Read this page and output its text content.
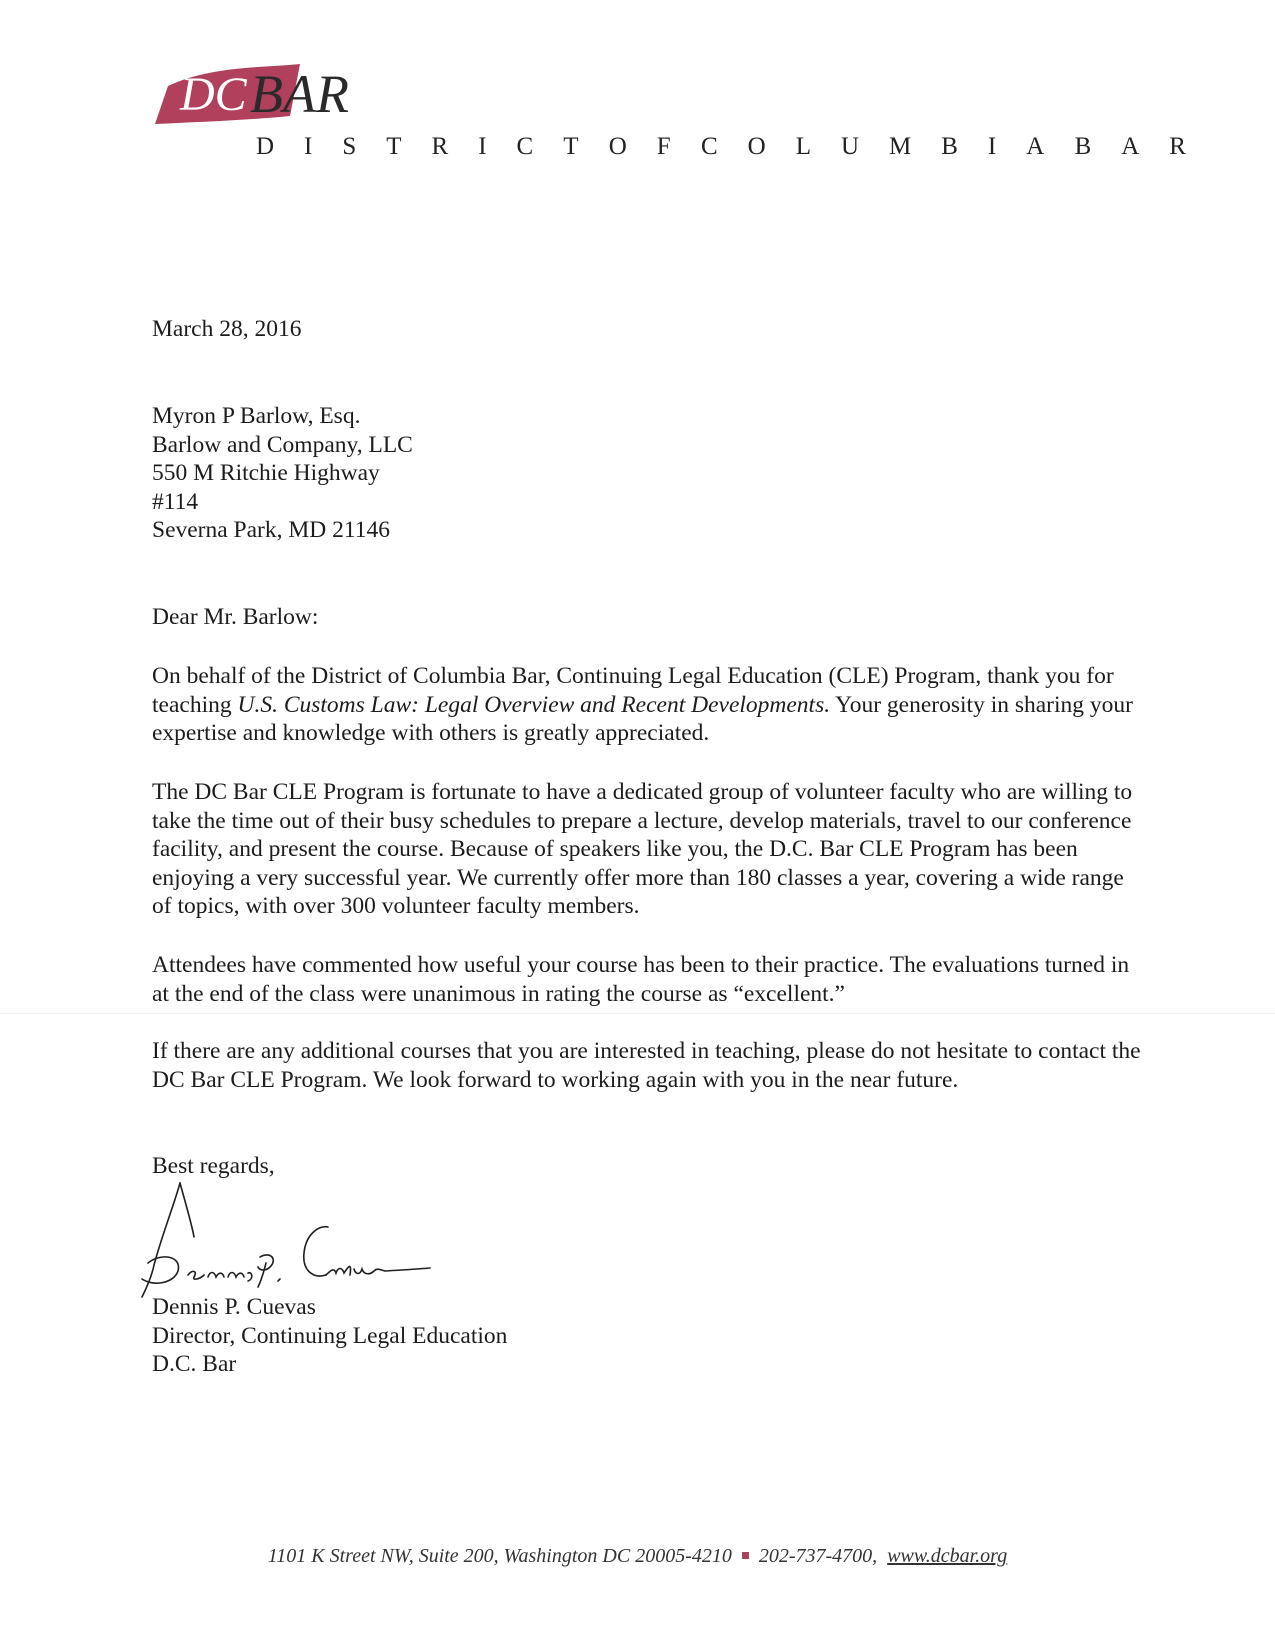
DC BAR
DISTRICT OF COLUMBIA BAR
March 28, 2016

Myron P Barlow, Esq.

Barlow and Company, LLC

550 M Ritchie Highway

#114

Severna Park, MD 21146

Dear Mr. Barlow:
On behalf of the District of Columbia Bar, Continuing Legal Education (CLE) Program, thank you for teaching U.S. Customs Law: Legal Overview and Recent Developments. Your generosity in sharing your expertise and knowledge with others is greatly appreciated.
The DC Bar CLE Program is fortunate to have a dedicated group of volunteer faculty who are willing to take the time out of their busy schedules to prepare a lecture, develop materials, travel to our conference facility, and present the course. Because of speakers like you, the D.C. Bar CLE Program has been enjoying a very successful year. We currently offer more than 180 classes a year, covering a wide range of topics, with over 300 volunteer faculty members.
Attendees have commented how useful your course has been to their practice. The evaluations turned in at the end of the class were unanimous in rating the course as “excellent.”
If there are any additional courses that you are interested in teaching, please do not hesitate to contact the DC Bar CLE Program. We look forward to working again with you in the near future.
Best regards,

Dennis P. Cuevas

Director, Continuing Legal Education

D.C. Bar

1101 K Street NW, Suite 200, Washington DC 20005-4210 202-737-4700, www.dcbar.org
